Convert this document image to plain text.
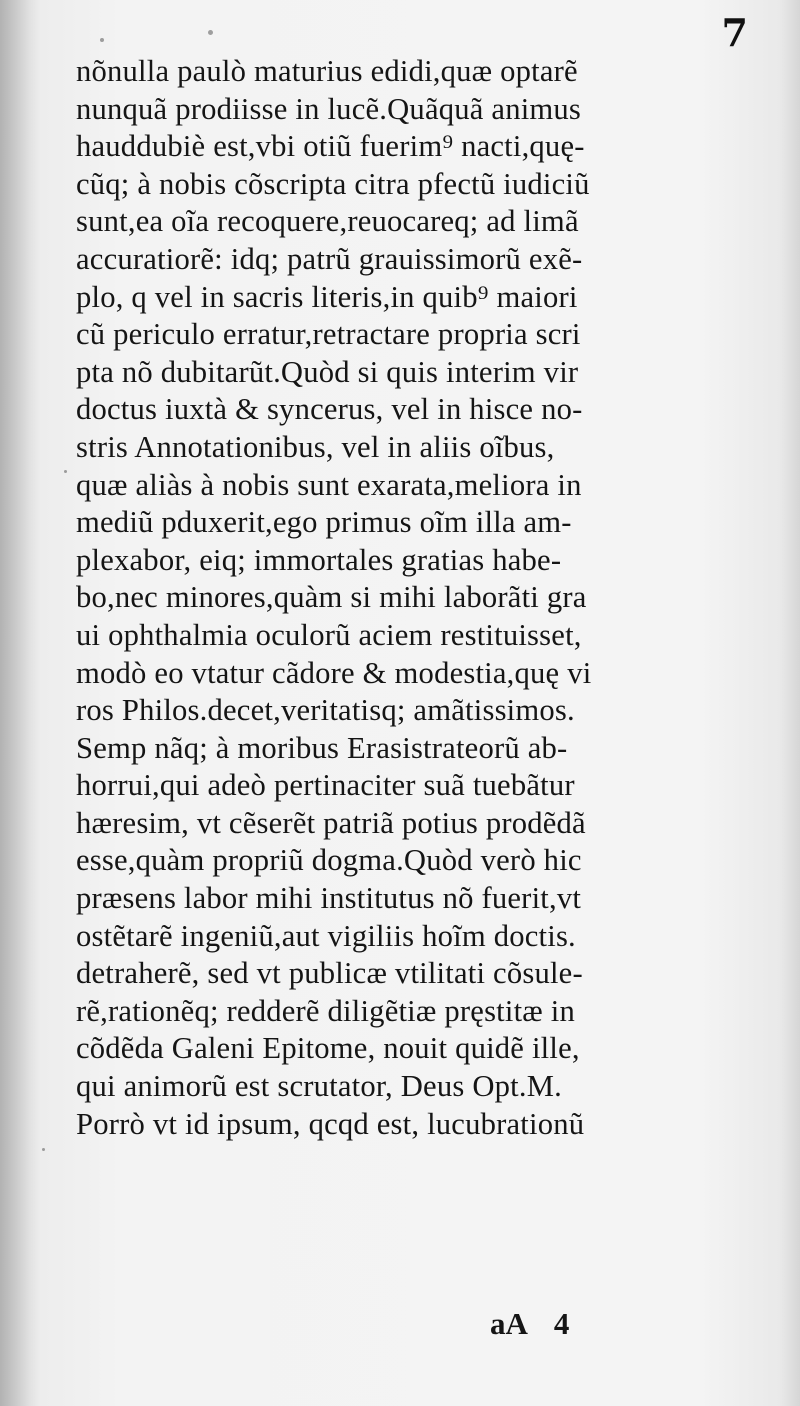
7
nõnulla paulò maturius edidi,quæ optarẽ
nunquã prodiisse in lucẽ.Quãquã animus
hauddubiè est,vbi otiũ fuerim⁹ nacti,quę-
cũq; à nobis cõscripta citra pfectũ iudiciũ
sunt,ea oĩa recoquere,reuocareq; ad limã
accuratiorẽ: idq; patrũ grauissimorũ exẽ-
plo, q vel in sacris literis,in quib⁹ maiori
cũ periculo erratur,retractare propria scri
pta nõ dubitarũt.Quòd si quis interim vir
doctus iuxtà & syncerus, vel in hisce no-
stris Annotationibus, vel in aliis oĩbus,
quæ aliàs à nobis sunt exarata,meliora in
mediũ pduxerit,ego primus oĩm illa am-
plexabor, eiq; immortales gratias habe-
bo,nec minores,quàm si mihi laborãti gra
ui ophthalmia oculorũ aciem restituisset,
modò eo vtatur cãdore & modestia,quę vi
ros Philos.decet,veritatisq; amãtissimos.
Semp nãq; à moribus Erasistrateorũ ab-
horrui,qui adeò pertinaciter suã tuebãtur
hæresim, vt cẽserẽt patriã potius prodẽdã
esse,quàm propriũ dogma.Quòd verò hic
præsens labor mihi institutus nõ fuerit,vt
ostẽtarẽ ingeniũ,aut vigiliis hoĩm doctis.
detraherẽ, sed vt publicæ vtilitati cõsule-
rẽ,rationẽq; redderẽ diligẽtiæ pręstitæ in
cõdẽda Galeni Epitome, nouit quidẽ ille,
qui animorũ est scrutator, Deus Opt.M.
Porrò vt id ipsum, qcqd est, lucubrationũ
aA 4
